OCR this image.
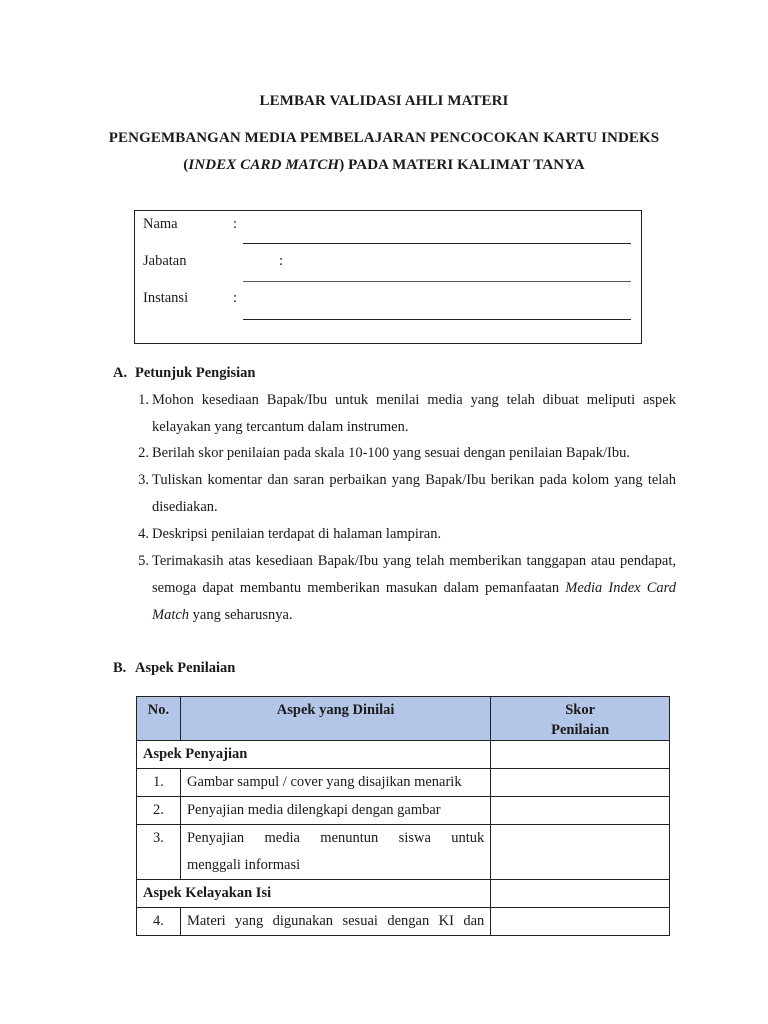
LEMBAR VALIDASI AHLI MATERI
PENGEMBANGAN MEDIA PEMBELAJARAN PENCOCOKAN KARTU INDEKS
(INDEX CARD MATCH) PADA MATERI KALIMAT TANYA
Nama	:
Jabatan	:
Instansi	:
A. Petunjuk Pengisian
1. Mohon kesediaan Bapak/Ibu untuk menilai media yang telah dibuat meliputi aspek kelayakan yang tercantum dalam instrumen.
2. Berilah skor penilaian pada skala 10-100 yang sesuai dengan penilaian Bapak/Ibu.
3. Tuliskan komentar dan saran perbaikan yang Bapak/Ibu berikan pada kolom yang telah disediakan.
4. Deskripsi penilaian terdapat di halaman lampiran.
5. Terimakasih atas kesediaan Bapak/Ibu yang telah memberikan tanggapan atau pendapat, semoga dapat membantu memberikan masukan dalam pemanfaatan Media Index Card Match yang seharusnya.
B. Aspek Penilaian
No.	Aspek yang Dinilai	Skor
Penilaian
Aspek Penyajian		
1.	Gambar sampul / cover yang disajikan menarik	
2.	Penyajian media dilengkapi dengan gambar	
3.	Penyajian media menuntun siswa untuk
menggali informasi	

Aspek Kelayakan Isi		
4.	Materi yang digunakan sesuai dengan KI dan	
